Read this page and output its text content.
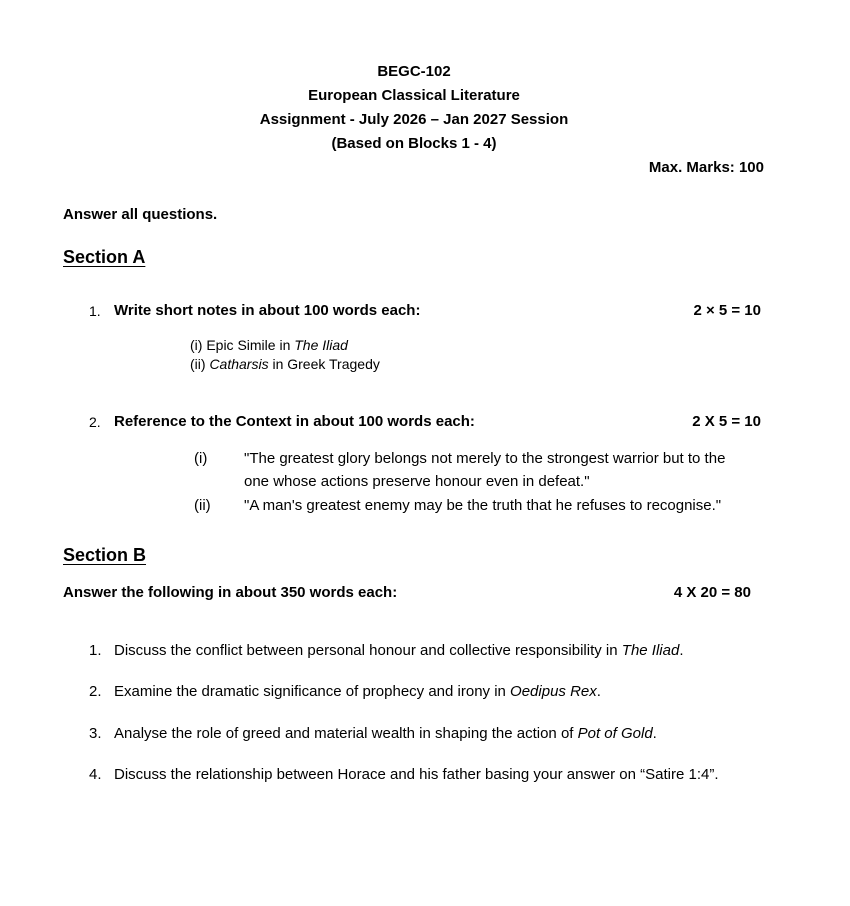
BEGC-102
European Classical Literature
Assignment - July 2026 – Jan 2027 Session
(Based on Blocks 1 - 4)
Max. Marks: 100
Answer all questions.
Section A
1. Write short notes in about 100 words each:	2 × 5 = 10
(i) Epic Simile in The Iliad
(ii) Catharsis in Greek Tragedy
2. Reference to the Context in about 100 words each:	2 X 5 = 10
(i) "The greatest glory belongs not merely to the strongest warrior but to the
one whose actions preserve honour even in defeat."
(ii) "A man's greatest enemy may be the truth that he refuses to recognise."
Section B
Answer the following in about 350 words each:	4 X 20 = 80
1. Discuss the conflict between personal honour and collective responsibility in The Iliad.
2. Examine the dramatic significance of prophecy and irony in Oedipus Rex.
3. Analyse the role of greed and material wealth in shaping the action of Pot of Gold.
4. Discuss the relationship between Horace and his father basing your answer on “Satire 1:4”.
